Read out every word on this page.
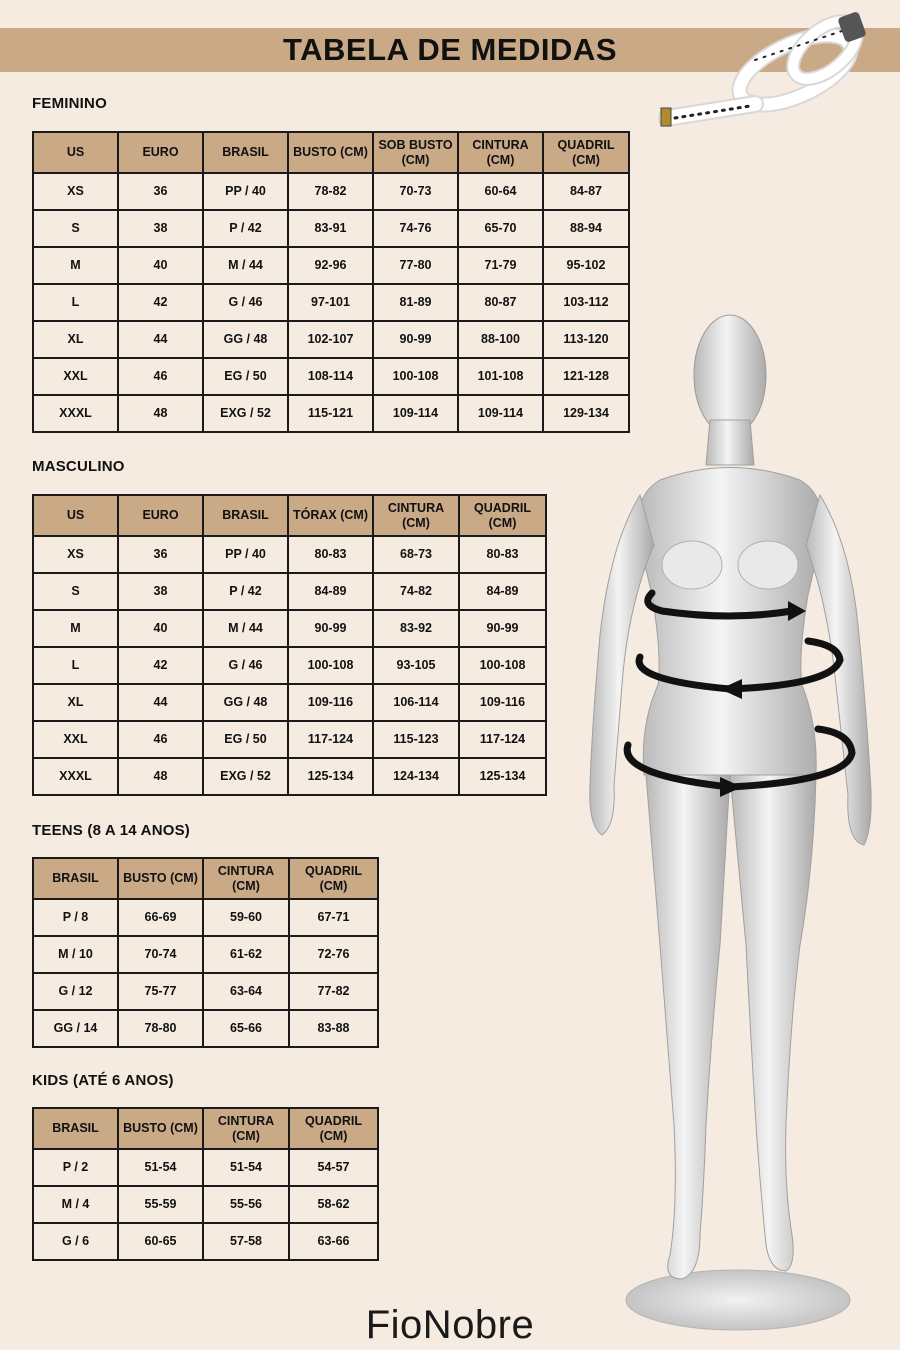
TABELA DE MEDIDAS
FEMININO
US	EURO	BRASIL	BUSTO (CM)	SOB BUSTO (CM)	CINTURA (CM)	QUADRIL (CM)
XS	36	PP / 40	78-82	70-73	60-64	84-87
S	38	P / 42	83-91	74-76	65-70	88-94
M	40	M / 44	92-96	77-80	71-79	95-102
L	42	G / 46	97-101	81-89	80-87	103-112
XL	44	GG / 48	102-107	90-99	88-100	113-120
XXL	46	EG / 50	108-114	100-108	101-108	121-128
XXXL	48	EXG / 52	115-121	109-114	109-114	129-134
MASCULINO
US	EURO	BRASIL	TÓRAX (CM)	CINTURA (CM)	QUADRIL (CM)
XS	36	PP / 40	80-83	68-73	80-83
S	38	P / 42	84-89	74-82	84-89
M	40	M / 44	90-99	83-92	90-99
L	42	G / 46	100-108	93-105	100-108
XL	44	GG / 48	109-116	106-114	109-116
XXL	46	EG / 50	117-124	115-123	117-124
XXXL	48	EXG / 52	125-134	124-134	125-134
TEENS (8 A 14 ANOS)
BRASIL	BUSTO (CM)	CINTURA (CM)	QUADRIL (CM)
P / 8	66-69	59-60	67-71
M / 10	70-74	61-62	72-76
G / 12	75-77	63-64	77-82
GG / 14	78-80	65-66	83-88
KIDS (ATÉ 6 ANOS)
BRASIL	BUSTO (CM)	CINTURA (CM)	QUADRIL (CM)
P / 2	51-54	51-54	54-57
M / 4	55-59	55-56	58-62
G / 6	60-65	57-58	63-66
FioNobre
